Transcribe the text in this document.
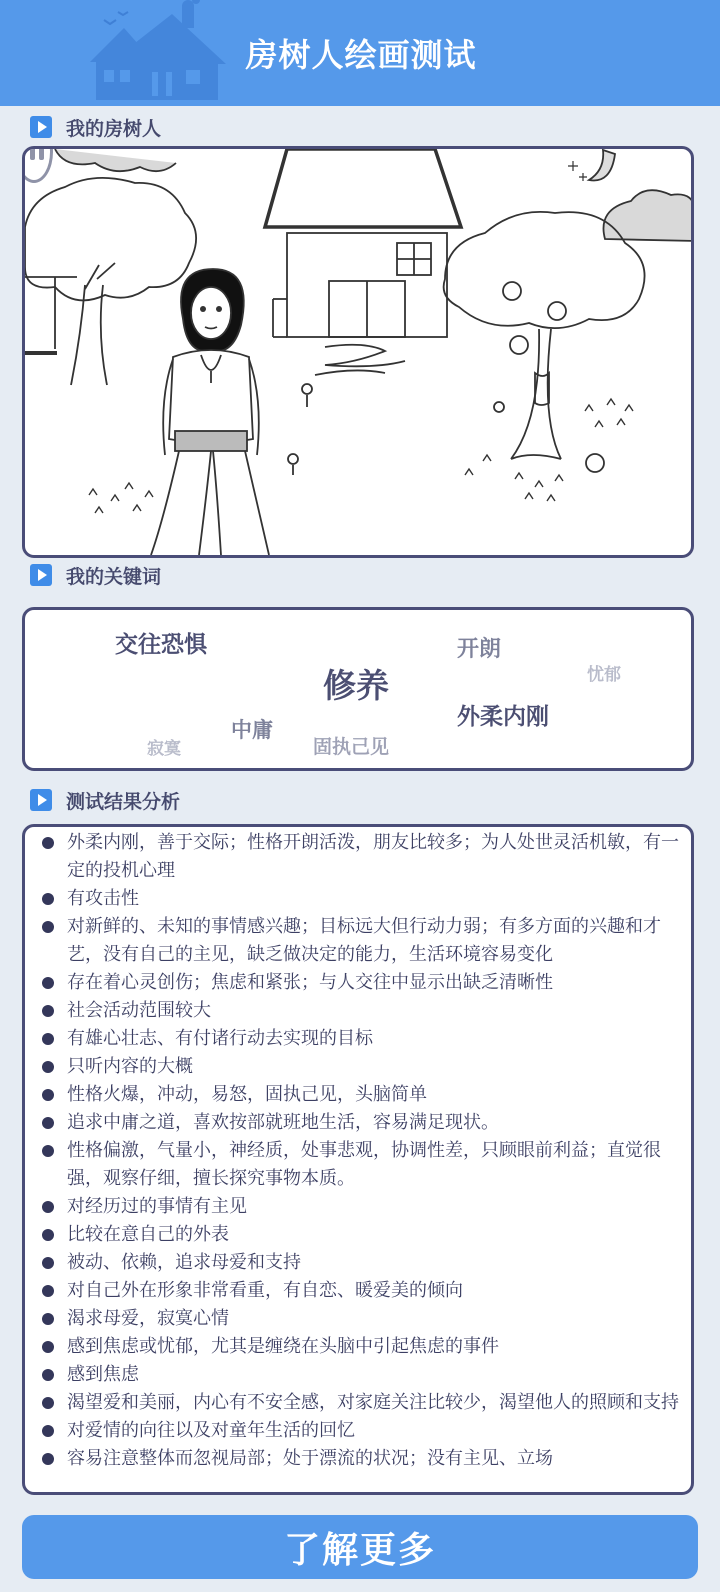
房树人绘画测试
我的房树人
我的关键词
交往恐惧	开朗
忧郁
修养
外柔内刚
中庸
寂寞	固执己见
测试结果分析
外柔内刚，善于交际；性格开朗活泼，朋友比较多；为人处世灵活机敏，有一定的投机心理
有攻击性
对新鲜的、未知的事情感兴趣；目标远大但行动力弱；有多方面的兴趣和才艺，没有自己的主见，缺乏做决定的能力，生活环境容易变化
存在着心灵创伤；焦虑和紧张；与人交往中显示出缺乏清晰性
社会活动范围较大
有雄心壮志、有付诸行动去实现的目标
只听内容的大概
性格火爆，冲动，易怒，固执己见，头脑简单
追求中庸之道，喜欢按部就班地生活，容易满足现状。
性格偏激，气量小，神经质，处事悲观，协调性差，只顾眼前利益；直觉很强，观察仔细，擅长探究事物本质。
对经历过的事情有主见
比较在意自己的外表
被动、依赖，追求母爱和支持
对自己外在形象非常看重，有自恋、暖爱美的倾向
渴求母爱，寂寞心情
感到焦虑或忧郁，尤其是缠绕在头脑中引起焦虑的事件
感到焦虑
渴望爱和美丽，内心有不安全感，对家庭关注比较少，渴望他人的照顾和支持
对爱情的向往以及对童年生活的回忆
容易注意整体而忽视局部；处于漂流的状况；没有主见、立场
了解更多
